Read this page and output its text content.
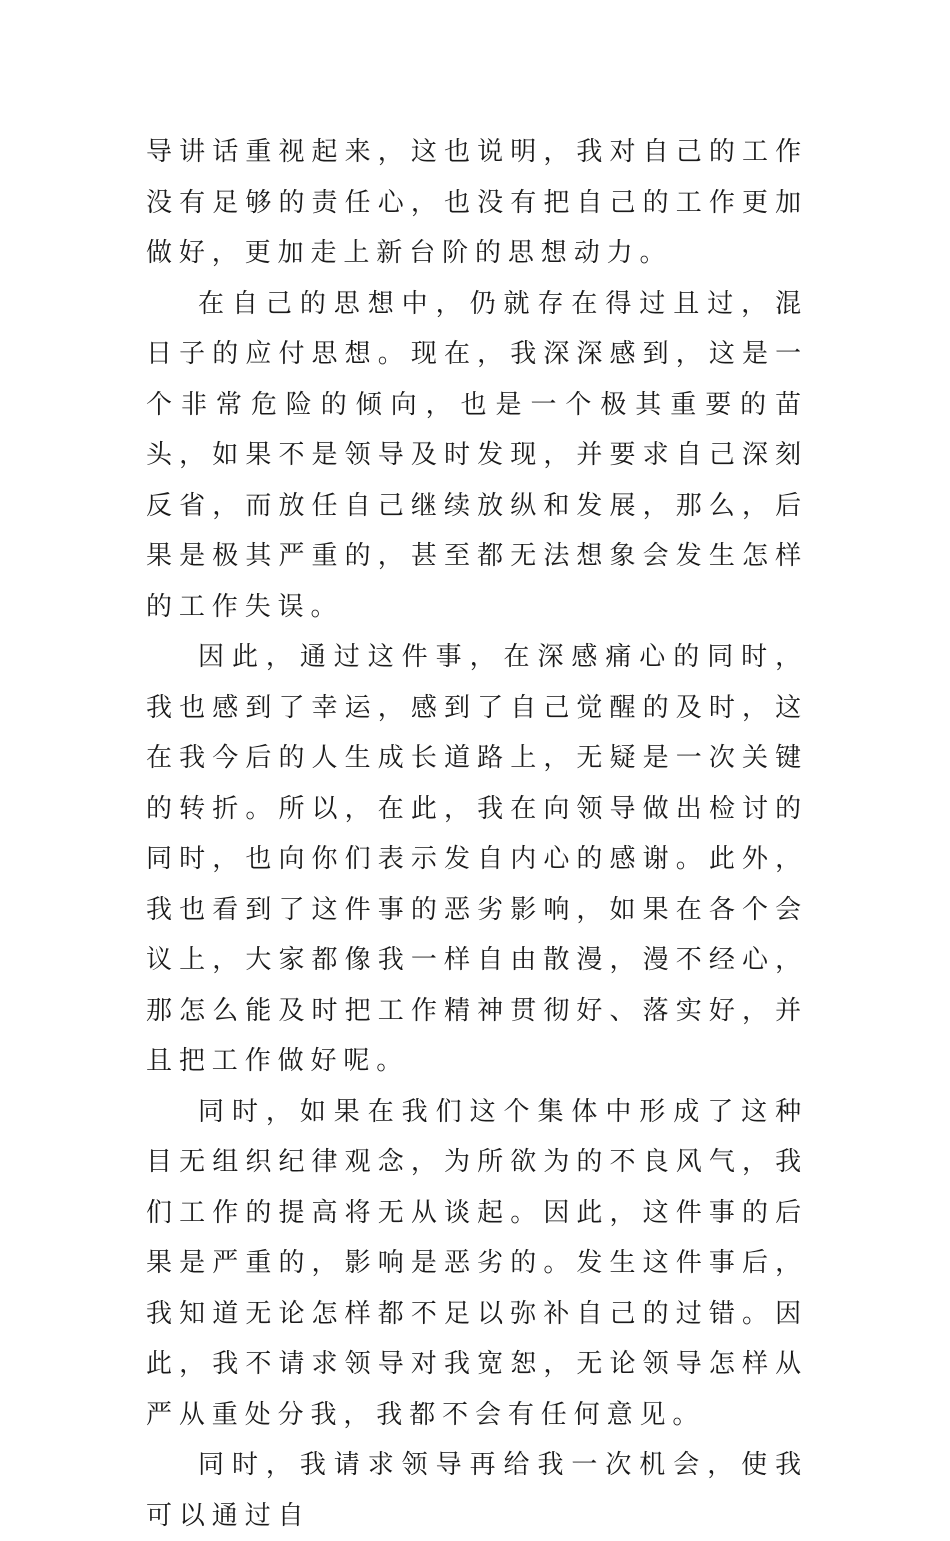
导讲话重视起来，这也说明，我对自己的工作没有足够的责任心，也没有把自己的工作更加做好，更加走上新台阶的思想动力。

在自己的思想中，仍就存在得过且过，混日子的应付思想。现在，我深深感到，这是一个非常危险的倾向，也是一个极其重要的苗头，如果不是领导及时发现，并要求自己深刻反省，而放任自己继续放纵和发展，那么，后果是极其严重的，甚至都无法想象会发生怎样的工作失误。

因此，通过这件事，在深感痛心的同时，我也感到了幸运，感到了自己觉醒的及时，这在我今后的人生成长道路上，无疑是一次关键的转折。所以，在此，我在向领导做出检讨的同时，也向你们表示发自内心的感谢。此外，我也看到了这件事的恶劣影响，如果在各个会议上，大家都像我一样自由散漫，漫不经心，那怎么能及时把工作精神贯彻好、落实好，并且把工作做好呢。

同时，如果在我们这个集体中形成了这种目无组织纪律观念，为所欲为的不良风气，我们工作的提高将无从谈起。因此，这件事的后果是严重的，影响是恶劣的。发生这件事后，我知道无论怎样都不足以弥补自己的过错。因此，我不请求领导对我宽恕，无论领导怎样从严从重处分我，我都不会有任何意见。

同时，我请求领导再给我一次机会，使我可以通过自
